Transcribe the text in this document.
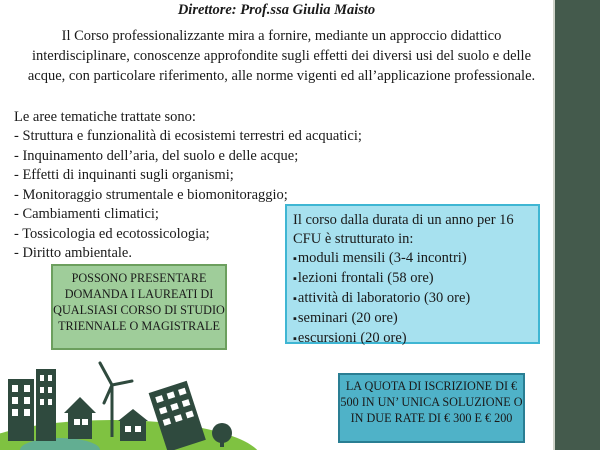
Direttore: Prof.ssa Giulia Maisto

Il Corso professionalizzante mira a fornire, mediante un approccio didattico interdisciplinare, conoscenze approfondite sugli effetti dei diversi usi del suolo e delle acque, con particolare riferimento, alle norme vigenti ed all’applicazione professionale.

Le aree tematiche trattate sono:

- Struttura e funzionalità di ecosistemi terrestri ed acquatici;
- Inquinamento dell’aria, del suolo e delle acque;
- Effetti di inquinanti sugli organismi;
- Monitoraggio strumentale e biomonitoraggio;
- Cambiamenti climatici;
- Tossicologia ed ecotossicologia;
- Diritto ambientale.
Il corso dalla durata di un anno per 16 CFU è strutturato in:
▪ moduli mensili (3-4 incontri)
▪ lezioni frontali (58 ore)
▪ attività di laboratorio (30 ore)
▪ seminari (20 ore)
▪ escursioni (20 ore)
POSSONO PRESENTARE DOMANDA I LAUREATI DI QUALSIASI CORSO DI STUDIO TRIENNALE O MAGISTRALE
LA QUOTA DI ISCRIZIONE DI € 500 IN UN’ UNICA SOLUZIONE O IN DUE RATE DI € 300 E € 200
